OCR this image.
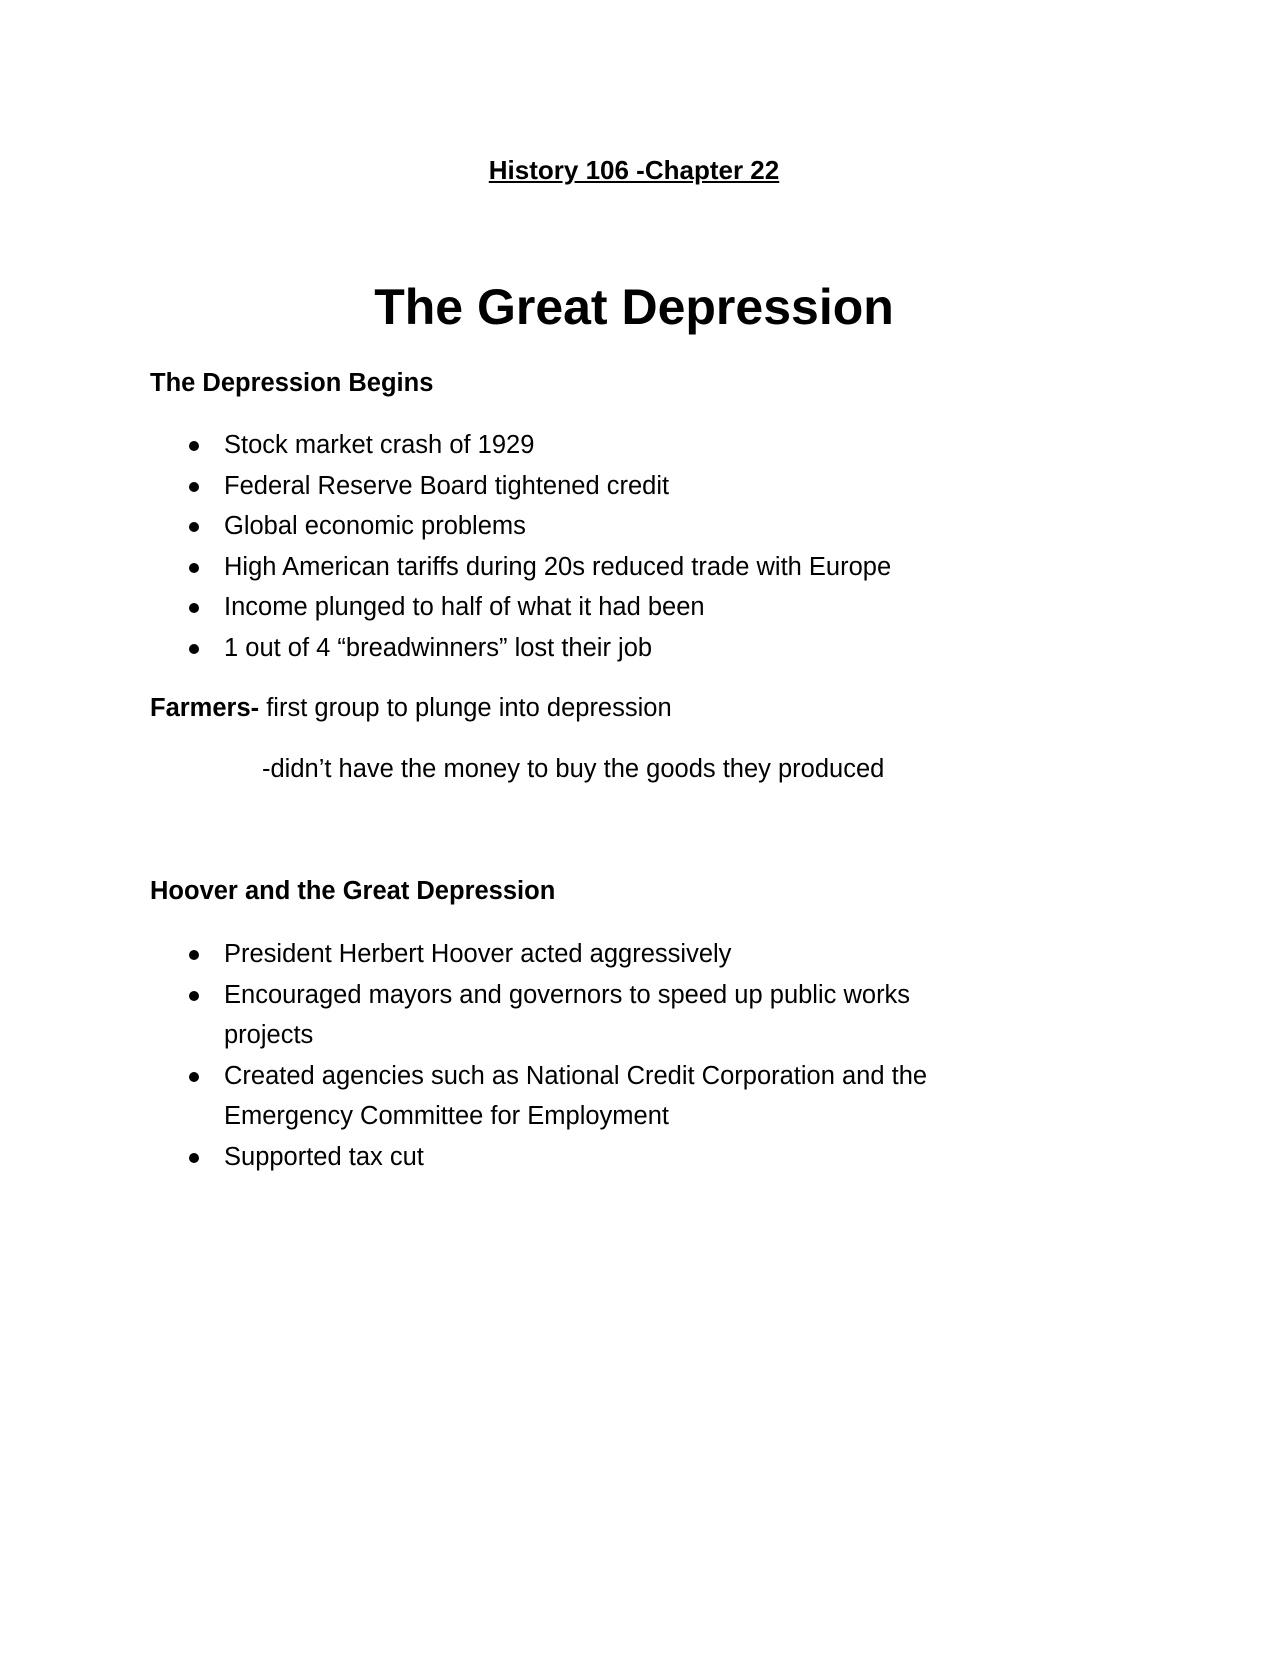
History 106 -Chapter 22
The Great Depression
The Depression Begins
Stock market crash of 1929
Federal Reserve Board tightened credit
Global economic problems
High American tariffs during 20s reduced trade with Europe
Income plunged to half of what it had been
1 out of 4 “breadwinners” lost their job
Farmers- first group to plunge into depression
-didn’t have the money to buy the goods they produced
Hoover and the Great Depression
President Herbert Hoover acted aggressively
Encouraged mayors and governors to speed up public works
projects
Created agencies such as National Credit Corporation and the
Emergency Committee for Employment
Supported tax cut
